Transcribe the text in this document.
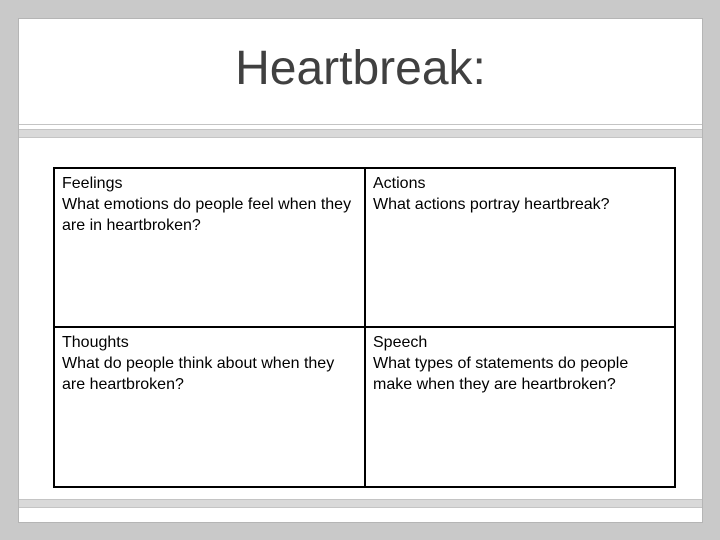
Heartbreak:
Feelings
What emotions do people feel when they are in heartbroken?
Actions
What actions portray heartbreak?
Thoughts
What do people think about when they are heartbroken?
Speech
What types of statements do people make when they are heartbroken?
